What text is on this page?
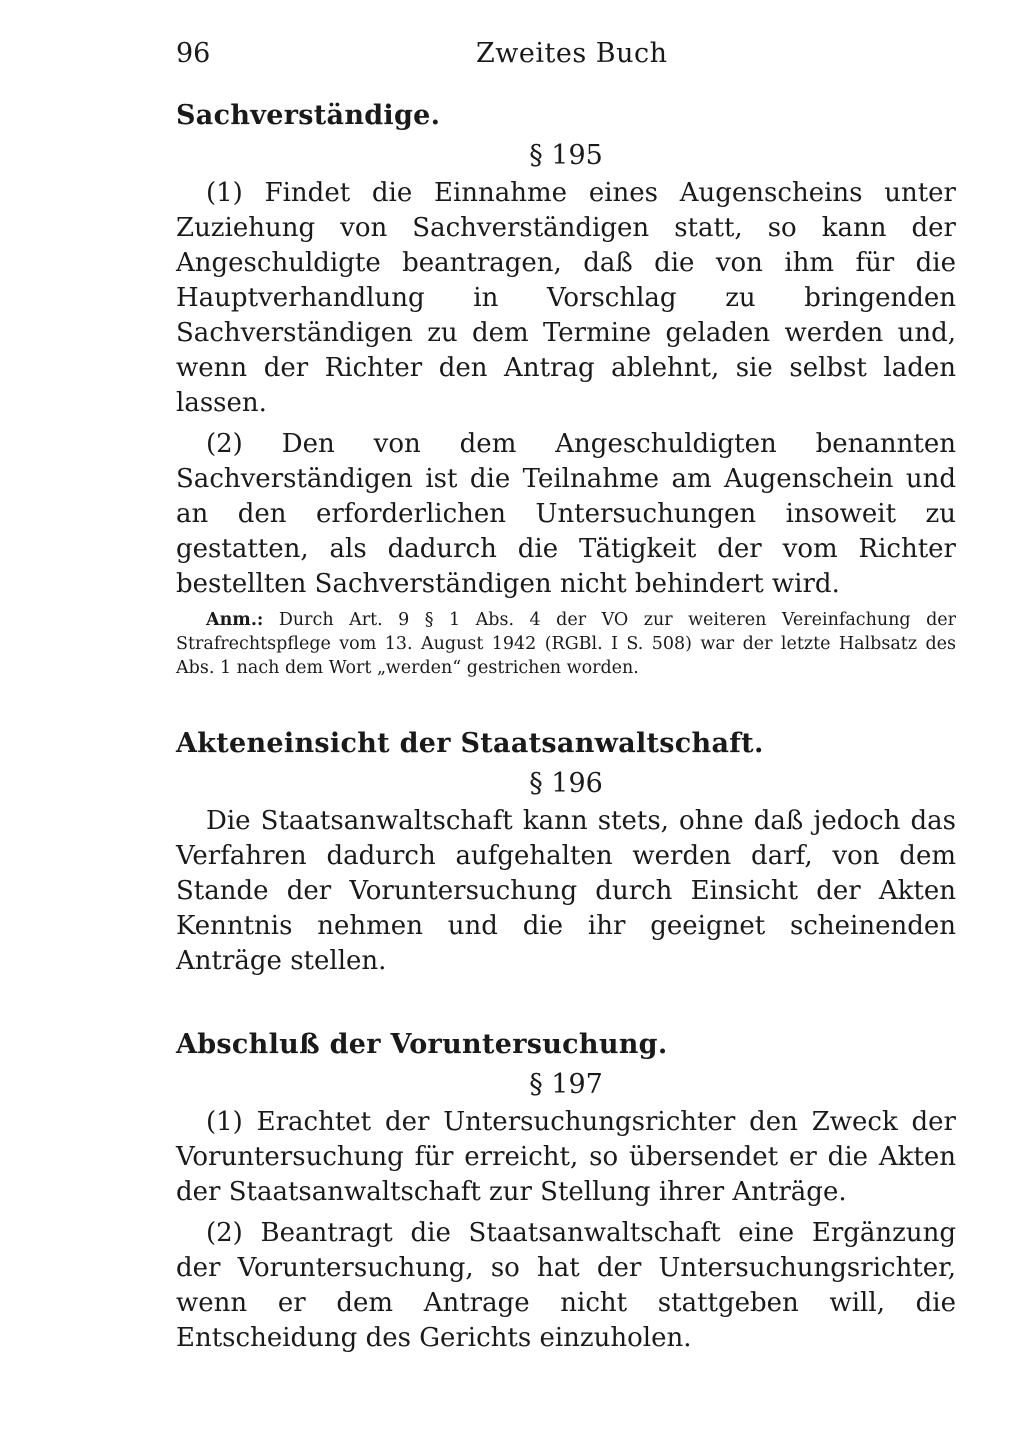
96	Zweites Buch
Sachverständige.

§ 195

(1) Findet die Einnahme eines Augenscheins unter Zuziehung von Sachverständigen statt, so kann der Angeschuldigte beantragen, daß die von ihm für die Hauptverhandlung in Vorschlag zu bringenden Sachverständigen zu dem Termine geladen werden und, wenn der Richter den Antrag ablehnt, sie selbst laden lassen.

(2) Den von dem Angeschuldigten benannten Sachverständigen ist die Teilnahme am Augenschein und an den erforderlichen Untersuchungen insoweit zu gestatten, als dadurch die Tätigkeit der vom Richter bestellten Sachverständigen nicht behindert wird.

Anm.: Durch Art. 9 § 1 Abs. 4 der VO zur weiteren Vereinfachung der Strafrechtspflege vom 13. August 1942 (RGBl. I S. 508) war der letzte Halbsatz des Abs. 1 nach dem Wort „werden“ gestrichen worden.

Akteneinsicht der Staatsanwaltschaft.

§ 196

Die Staatsanwaltschaft kann stets, ohne daß jedoch das Verfahren dadurch aufgehalten werden darf, von dem Stande der Voruntersuchung durch Einsicht der Akten Kenntnis nehmen und die ihr geeignet scheinenden Anträge stellen.

Abschluß der Voruntersuchung.

§ 197

(1) Erachtet der Untersuchungsrichter den Zweck der Voruntersuchung für erreicht, so übersendet er die Akten der Staatsanwaltschaft zur Stellung ihrer Anträge.

(2) Beantragt die Staatsanwaltschaft eine Ergänzung der Voruntersuchung, so hat der Untersuchungsrichter, wenn er dem Antrage nicht stattgeben will, die Entscheidung des Gerichts einzuholen.
